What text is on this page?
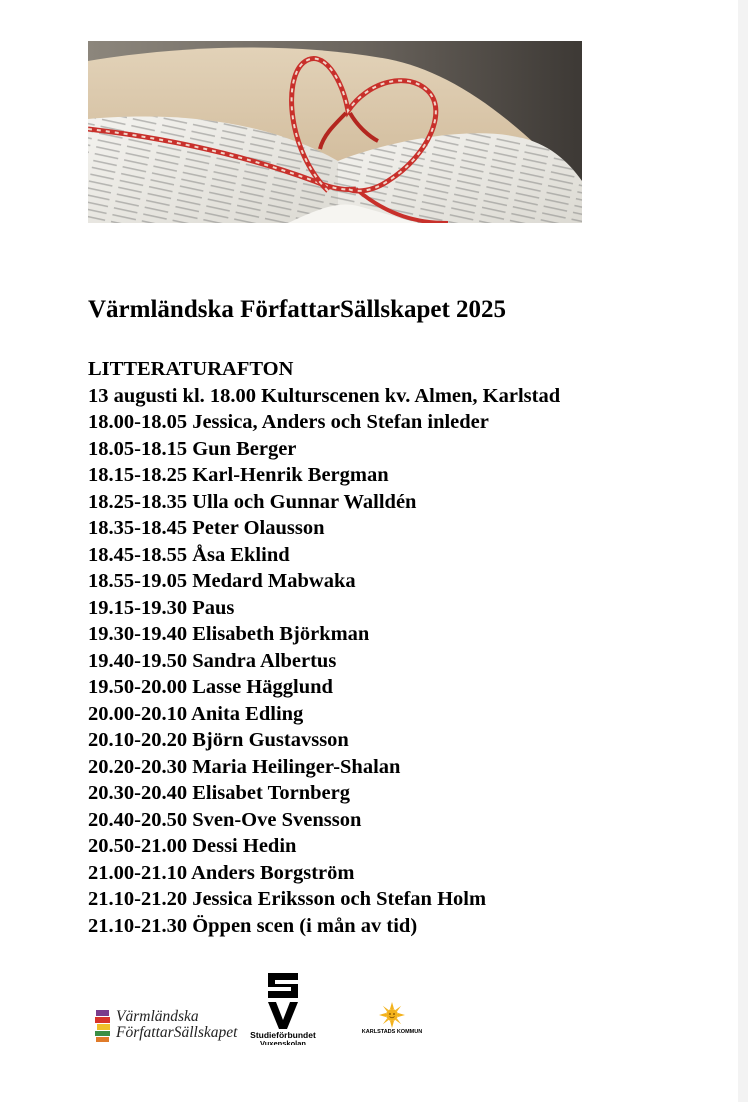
Värmländska FörfattarSällskapet 2025
LITTERATURAFTON
13 augusti kl. 18.00 Kulturscenen kv. Almen, Karlstad
18.00-18.05 Jessica, Anders och Stefan inleder
18.05-18.15 Gun Berger
18.15-18.25 Karl-Henrik Bergman
18.25-18.35 Ulla och Gunnar Walldén
18.35-18.45 Peter Olausson
18.45-18.55 Åsa Eklind
18.55-19.05 Medard Mabwaka
19.15-19.30 Paus
19.30-19.40 Elisabeth Björkman
19.40-19.50 Sandra Albertus
19.50-20.00 Lasse Hägglund
20.00-20.10 Anita Edling
20.10-20.20 Björn Gustavsson
20.20-20.30 Maria Heilinger-Shalan
20.30-20.40 Elisabet Tornberg
20.40-20.50 Sven-Ove Svensson
20.50-21.00 Dessi Hedin
21.00-21.10 Anders Borgström
21.10-21.20 Jessica Eriksson och Stefan Holm
21.10-21.30 Öppen scen (i mån av tid)
Värmländska
FörfattarSällskapet	Studieförbundet
Vuxenskolan
KARLSTADS KOMMUN
